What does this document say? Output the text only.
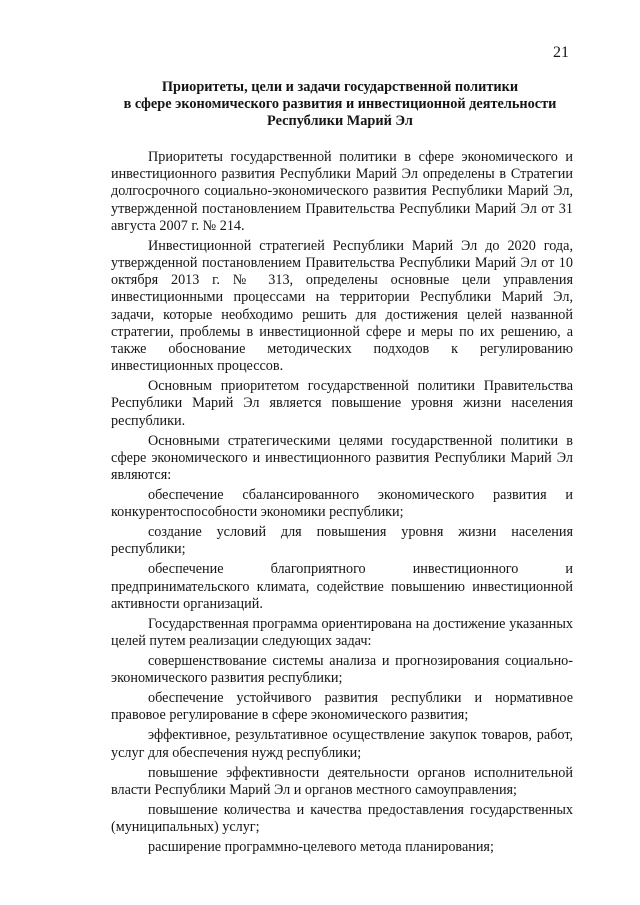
21
Приоритеты, цели и задачи государственной политики
в сфере экономического развития и инвестиционной деятельности
Республики Марий Эл

Приоритеты государственной политики в сфере экономического и инвестиционного развития Республики Марий Эл определены в Стратегии долгосрочного социально-экономического развития Республики Марий Эл, утвержденной постановлением Правительства Республики Марий Эл от 31 августа 2007 г. № 214.

Инвестиционной стратегией Республики Марий Эл до 2020 года, утвержденной постановлением Правительства Республики Марий Эл от 10 октября 2013 г. № 313, определены основные цели управления инвестиционными процессами на территории Республики Марий Эл, задачи, которые необходимо решить для достижения целей названной стратегии, проблемы в инвестиционной сфере и меры по их решению, а также обоснование методических подходов к регулированию инвестиционных процессов.

Основным приоритетом государственной политики Правительства Республики Марий Эл является повышение уровня жизни населения республики.

Основными стратегическими целями государственной политики в сфере экономического и инвестиционного развития Республики Марий Эл являются:

обеспечение сбалансированного экономического развития и конкурентоспособности экономики республики;

создание условий для повышения уровня жизни населения республики;

обеспечение благоприятного инвестиционного и предпринимательского климата, содействие повышению инвестиционной активности организаций.

Государственная программа ориентирована на достижение указанных целей путем реализации следующих задач:

совершенствование системы анализа и прогнозирования социально-экономического развития республики;

обеспечение устойчивого развития республики и нормативное правовое регулирование в сфере экономического развития;

эффективное, результативное осуществление закупок товаров, работ, услуг для обеспечения нужд республики;

повышение эффективности деятельности органов исполнительной власти Республики Марий Эл и органов местного самоуправления;

повышение количества и качества предоставления государственных (муниципальных) услуг;

расширение программно-целевого метода планирования;
